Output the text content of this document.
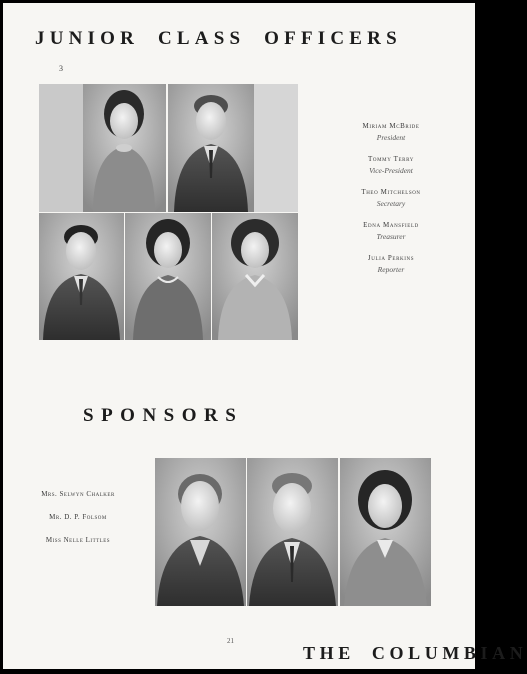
JUNIOR CLASS OFFICERS
3
Miriam McBride
President
Tommy Terry
Vice-President
Theo Mitchelson
Secretary
Edna Mansfield
Treasurer
Julia Perkins
Reporter
SPONSORS
Mrs. Selwyn Chalker
Mr. D. P. Folsom
Miss Nelle Littles
21
THE COLUMBIAN
